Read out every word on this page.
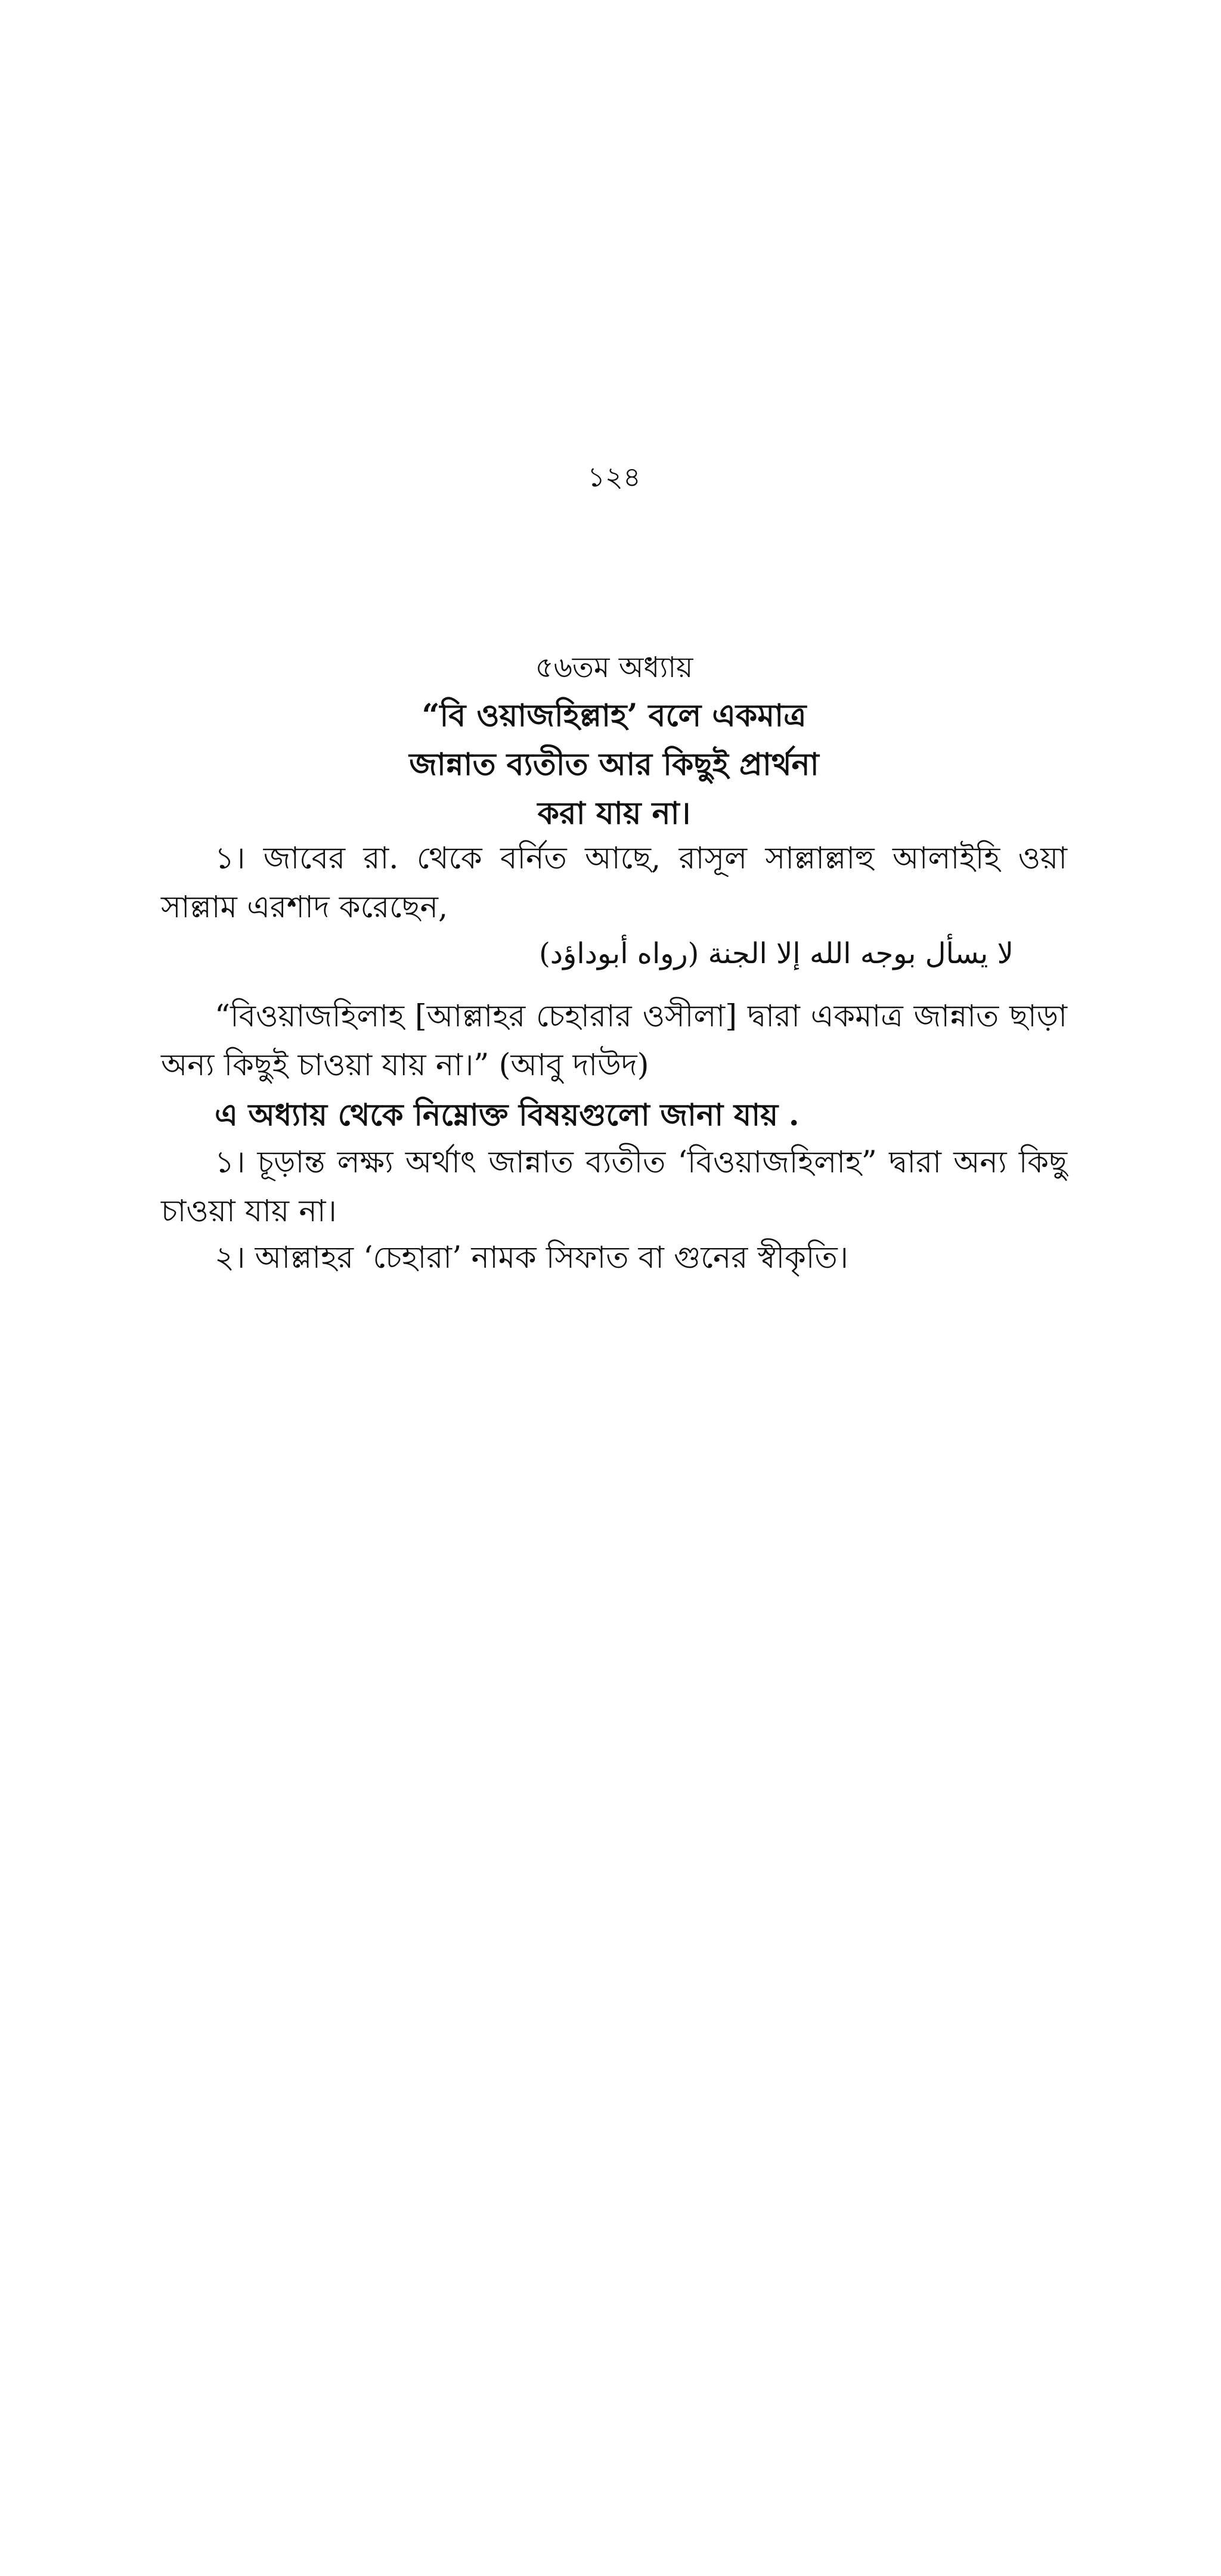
১২৪
৫৬তম অধ্যায়
“বি ওয়াজহিল্লাহ’ বলে একমাত্র
জান্নাত ব্যতীত আর কিছুই প্রার্থনা
করা যায় না।

১। জাবের রা. থেকে বর্নিত আছে, রাসূল সাল্লাল্লাহু আলাইহি ওয়া সাল্লাম এরশাদ করেছেন,

لا يسأل بوجه الله إلا الجنة (رواه أبوداؤد)

“বিওয়াজহিলাহ [আল্লাহর চেহারার ওসীলা] দ্বারা একমাত্র জান্নাত ছাড়া অন্য কিছুই চাওয়া যায় না।” (আবু দাউদ)

এ অধ্যায় থেকে নিম্নোক্ত বিষয়গুলো জানা যায় .

১। চূড়ান্ত লক্ষ্য অর্থাৎ জান্নাত ব্যতীত ‘বিওয়াজহিলাহ” দ্বারা অন্য কিছু চাওয়া যায় না।

২। আল্লাহর ‘চেহারা’ নামক সিফাত বা গুনের স্বীকৃতি।
